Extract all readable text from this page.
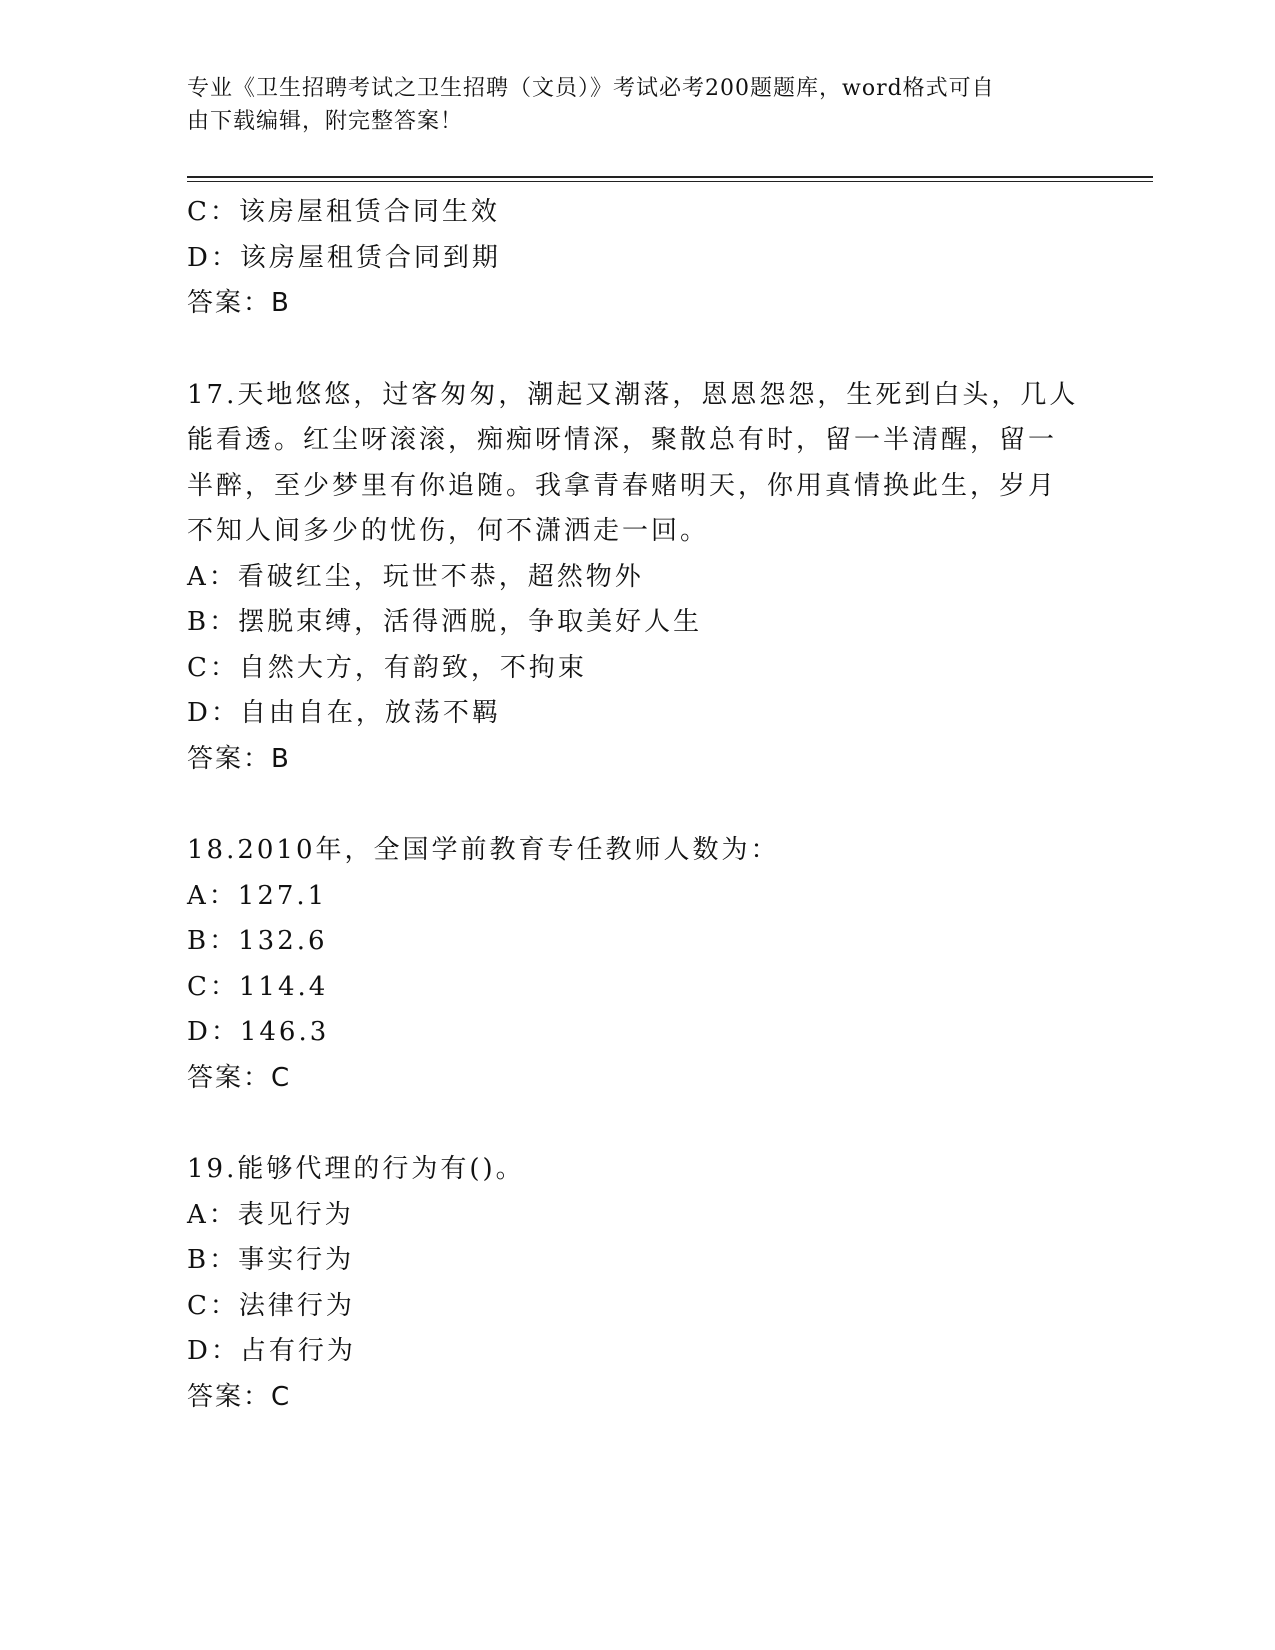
专业《卫生招聘考试之卫生招聘（文员）》考试必考200题题库，word格式可自
由下载编辑，附完整答案！
C：该房屋租赁合同生效
D：该房屋租赁合同到期
答案：B
17.天地悠悠，过客匆匆，潮起又潮落，恩恩怨怨，生死到白头，几人
能看透。红尘呀滚滚，痴痴呀情深，聚散总有时，留一半清醒，留一
半醉，至少梦里有你追随。我拿青春赌明天，你用真情换此生，岁月
不知人间多少的忧伤，何不潇洒走一回。
A：看破红尘，玩世不恭，超然物外
B：摆脱束缚，活得洒脱，争取美好人生
C：自然大方，有韵致，不拘束
D：自由自在，放荡不羁
答案：B
18.2010年，全国学前教育专任教师人数为：
A：127.1
B：132.6
C：114.4
D：146.3
答案：C
19.能够代理的行为有()。
A：表见行为
B：事实行为
C：法律行为
D：占有行为
答案：C
